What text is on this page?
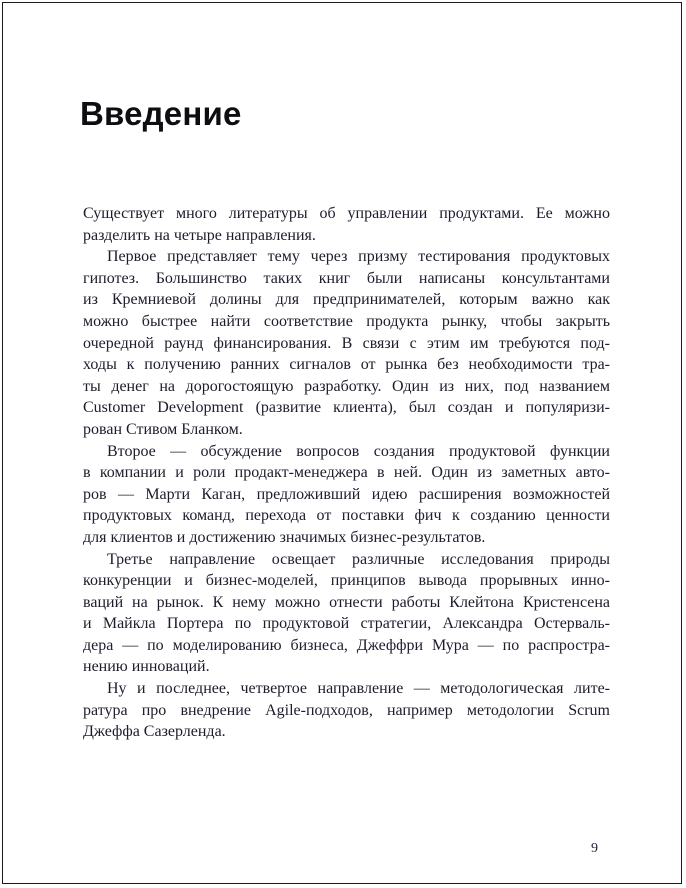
Введение
Существует много литературы об управлении продуктами. Ее можно
разделить на четыре направления.
Первое представляет тему через призму тестирования продуктовых
гипотез. Большинство таких книг были написаны консультантами
из Кремниевой долины для предпринимателей, которым важно как
можно быстрее найти соответствие продукта рынку, чтобы закрыть
очередной раунд финансирования. В связи с этим им требуются под-
ходы к получению ранних сигналов от рынка без необходимости тра-
ты денег на дорогостоящую разработку. Один из них, под названием
Customer Development (развитие клиента), был создан и популяризи-
рован Стивом Бланком.
Второе — обсуждение вопросов создания продуктовой функции
в компании и роли продакт-менеджера в ней. Один из заметных авто-
ров — Марти Каган, предложивший идею расширения возможностей
продуктовых команд, перехода от поставки фич к созданию ценности
для клиентов и достижению значимых бизнес-результатов.
Третье направление освещает различные исследования природы
конкуренции и бизнес-моделей, принципов вывода прорывных инно-
ваций на рынок. К нему можно отнести работы Клейтона Кристенсена
и Майкла Портера по продуктовой стратегии, Александра Остерваль-
дера — по моделированию бизнеса, Джеффри Мура — по распростра-
нению инноваций.
Ну и последнее, четвертое направление — методологическая лите-
ратура про внедрение Agile-подходов, например методологии Scrum
Джеффа Сазерленда.
9
